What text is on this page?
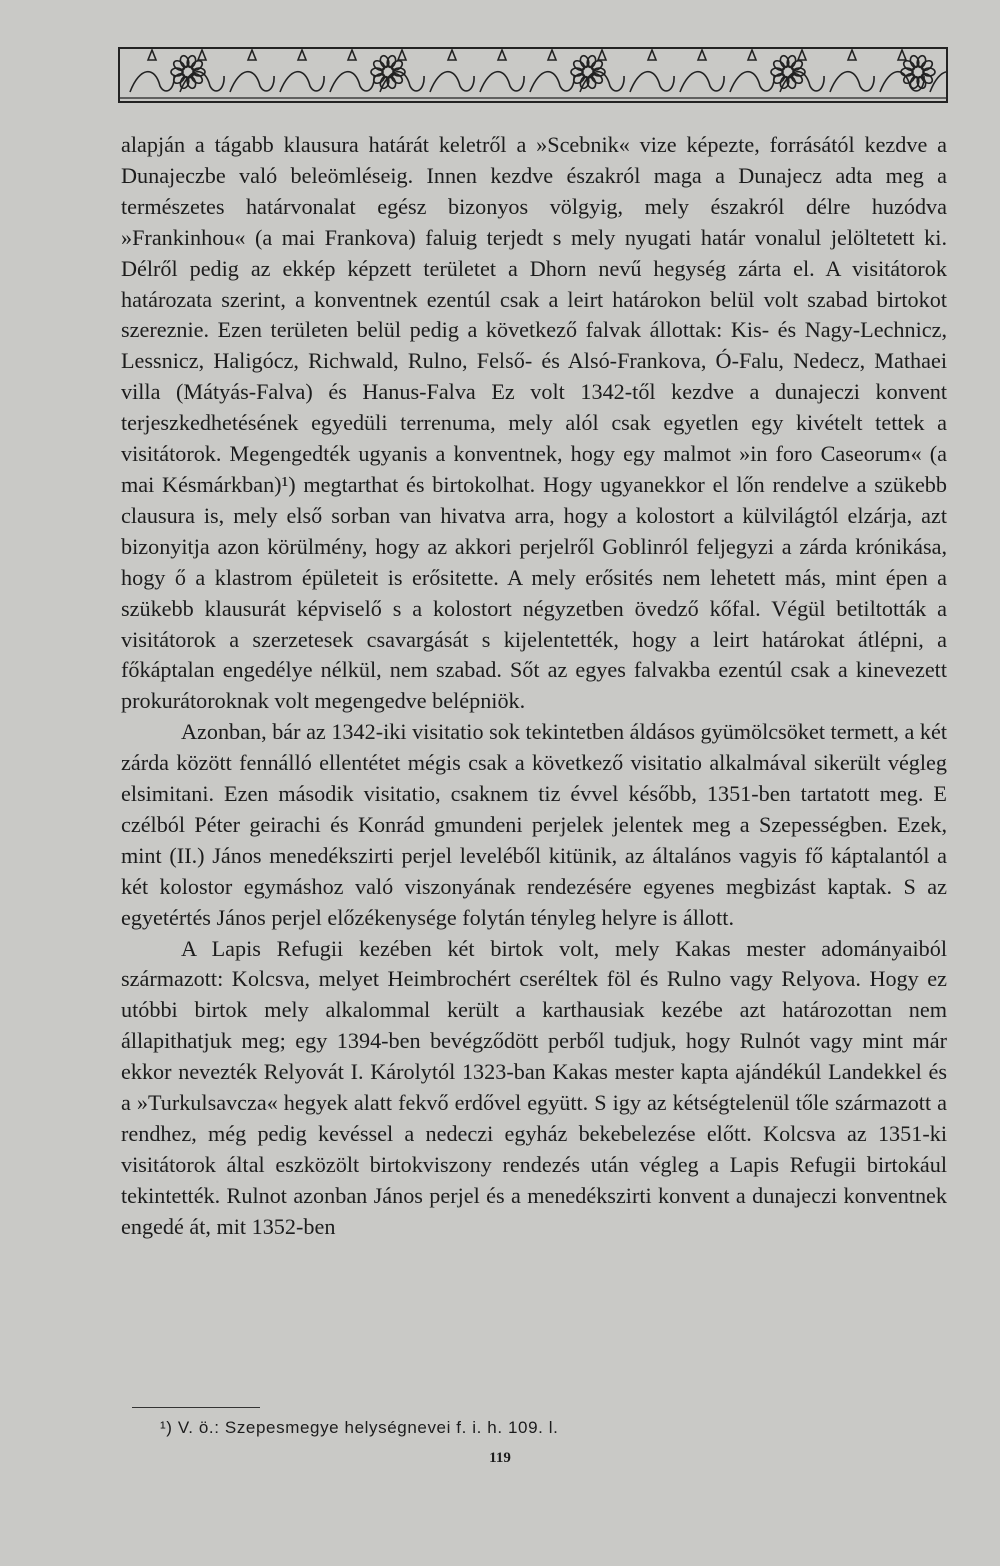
alapján a tágabb klausura határát keletről a »Scebnik« vize képezte, forrásától kezdve a Dunajeczbe való beleömléseig. Innen kezdve északról maga a Dunajecz adta meg a természetes határvonalat egész bizonyos völgyig, mely északról délre huzódva »Frankinhou« (a mai Frankova) faluig terjedt s mely nyugati határ vonalul jelöltetett ki. Délről pedig az ekkép képzett területet a Dhorn nevű hegység zárta el. A visitátorok határozata szerint, a konventnek ezentúl csak a leirt határokon belül volt szabad birtokot szereznie. Ezen területen belül pedig a következő falvak állottak: Kis- és Nagy-Lechnicz, Lessnicz, Haligócz, Richwald, Rulno, Felső- és Alsó-Frankova, Ó-Falu, Nedecz, Mathaei villa (Mátyás-Falva) és Hanus-Falva Ez volt 1342-től kezdve a dunajeczi konvent terjeszkedhetésének egyedüli terrenuma, mely alól csak egyetlen egy kivételt tettek a visitátorok. Megengedték ugyanis a konventnek, hogy egy malmot »in foro Caseorum« (a mai Késmárkban)¹) megtarthat és birtokolhat. Hogy ugyanekkor el lőn rendelve a szükebb clausura is, mely első sorban van hivatva arra, hogy a kolostort a külvilágtól elzárja, azt bizonyitja azon körülmény, hogy az akkori perjelről Goblinról feljegyzi a zárda krónikása, hogy ő a klastrom épületeit is erősitette. A mely erősités nem lehetett más, mint épen a szükebb klausurát képviselő s a kolostort négyzetben övedző kőfal. Végül betiltották a visitátorok a szerzetesek csavargását s kijelentették, hogy a leirt határokat átlépni, a főkáptalan engedélye nélkül, nem szabad. Sőt az egyes falvakba ezentúl csak a kinevezett prokurátoroknak volt megengedve belépniök.

Azonban, bár az 1342-iki visitatio sok tekintetben áldásos gyümölcsöket termett, a két zárda között fennálló ellentétet mégis csak a következő visitatio alkalmával sikerült végleg elsimitani. Ezen második visitatio, csaknem tiz évvel később, 1351-ben tartatott meg. E czélból Péter geirachi és Konrád gmundeni perjelek jelentek meg a Szepességben. Ezek, mint (II.) János menedékszirti perjel leveléből kitünik, az általános vagyis fő káptalantól a két kolostor egymáshoz való viszonyának rendezésére egyenes megbizást kaptak. S az egyetértés János perjel előzékenysége folytán tényleg helyre is állott.

A Lapis Refugii kezében két birtok volt, mely Kakas mester adományaiból származott: Kolcsva, melyet Heimbrochért cseréltek föl és Rulno vagy Relyova. Hogy ez utóbbi birtok mely alkalommal került a karthausiak kezébe azt határozottan nem állapithatjuk meg; egy 1394-ben bevégződött perből tudjuk, hogy Rulnót vagy mint már ekkor nevezték Relyovát I. Károlytól 1323-ban Kakas mester kapta ajándékúl Landekkel és a »Turkulsavcza« hegyek alatt fekvő erdővel együtt. S igy az kétségtelenül tőle származott a rendhez, még pedig kevéssel a nedeczi egyház bekebelezése előtt. Kolcsva az 1351-ki visitátorok által eszközölt birtokviszony rendezés után végleg a Lapis Refugii birtokául tekintették. Rulnot azonban János perjel és a menedékszirti konvent a dunajeczi konventnek engedé át, mit 1352-ben

¹) V. ö.: Szepesmegye helységnevei f. i. h. 109. l.
119
